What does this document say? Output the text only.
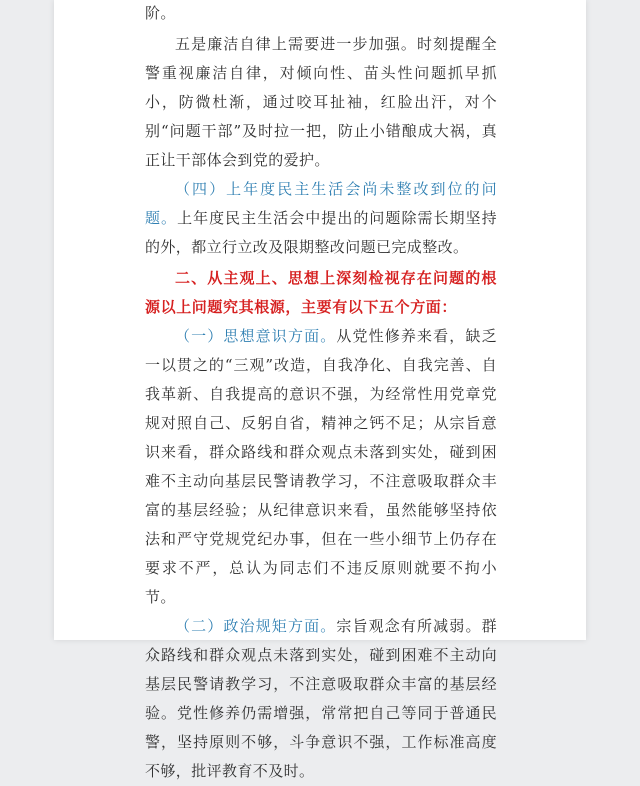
阶。

五是廉洁自律上需要进一步加强。时刻提醒全警重视廉洁自律，对倾向性、苗头性问题抓早抓小，防微杜渐，通过咬耳扯袖，红脸出汗，对个别“问题干部”及时拉一把，防止小错酿成大祸，真正让干部体会到党的爱护。

（四）上年度民主生活会尚未整改到位的问题。上年度民主生活会中提出的问题除需长期坚持的外，都立行立改及限期整改问题已完成整改。

二、从主观上、思想上深刻检视存在问题的根源以上问题究其根源，主要有以下五个方面：

（一）思想意识方面。从党性修养来看，缺乏一以贯之的“三观”改造，自我净化、自我完善、自我革新、自我提高的意识不强，为经常性用党章党规对照自己、反躬自省，精神之钙不足；从宗旨意识来看，群众路线和群众观点未落到实处，碰到困难不主动向基层民警请教学习，不注意吸取群众丰富的基层经验；从纪律意识来看，虽然能够坚持依法和严守党规党纪办事，但在一些小细节上仍存在要求不严，总认为同志们不违反原则就要不拘小节。

（二）政治规矩方面。宗旨观念有所减弱。群众路线和群众观点未落到实处，碰到困难不主动向基层民警请教学习，不注意吸取群众丰富的基层经验。党性修养仍需增强，常常把自己等同于普通民警，坚持原则不够，斗争意识不强，工作标准高度不够，批评教育不及时。
